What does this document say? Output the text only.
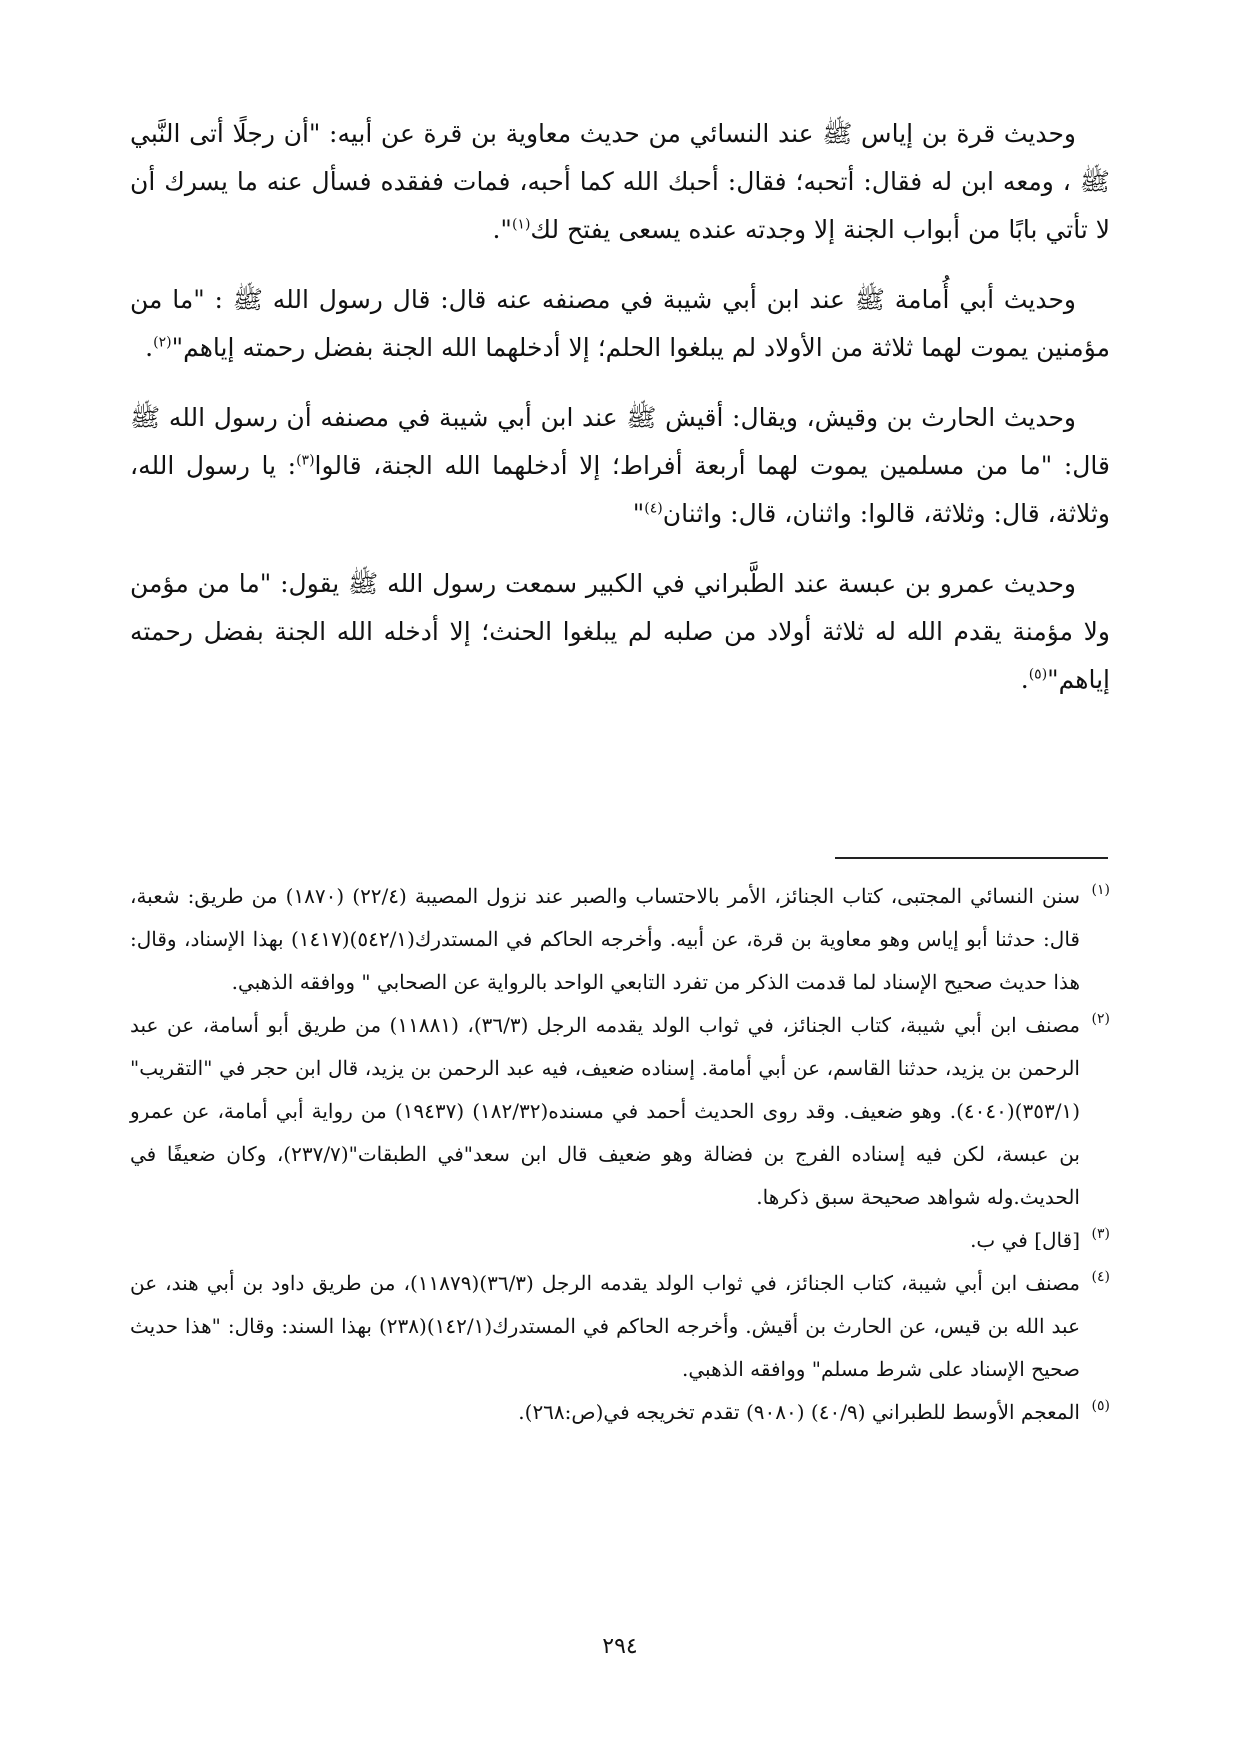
وحديث قرة بن إياس ﷺ عند النسائي من حديث معاوية بن قرة عن أبيه: "أن رجلًا أتى النَّبي ﷺ ، ومعه ابن له فقال: أتحبه؛ فقال: أحبك الله كما أحبه، فمات ففقده فسأل عنه ما يسرك أن لا تأتي بابًا من أبواب الجنة إلا وجدته عنده يسعى يفتح لك$^{(١)}$".

وحديث أبي أُمامة ﷺ عند ابن أبي شيبة في مصنفه عنه قال: قال رسول الله ﷺ : "ما من مؤمنين يموت لهما ثلاثة من الأولاد لم يبلغوا الحلم؛ إلا أدخلهما الله الجنة بفضل رحمته إياهم"$^{(٢)}$.

وحديث الحارث بن وقيش، ويقال: أقيش ﷺ عند ابن أبي شيبة في مصنفه أن رسول الله ﷺ قال: "ما من مسلمين يموت لهما أربعة أفراط؛ إلا أدخلهما الله الجنة، قالوا$^{(٣)}$: يا رسول الله، وثلاثة، قال: وثلاثة، قالوا: واثنان، قال: واثنان$^{(٤)}$"

وحديث عمرو بن عبسة عند الطَّبراني في الكبير سمعت رسول الله ﷺ يقول: "ما من مؤمن ولا مؤمنة يقدم الله له ثلاثة أولاد من صلبه لم يبلغوا الحنث؛ إلا أدخله الله الجنة بفضل رحمته إياهم"$^{(٥)}$.

(١)
سنن النسائي المجتبى، كتاب الجنائز، الأمر بالاحتساب والصبر عند نزول المصيبة (٢٢/٤) (١٨٧٠) من طريق: شعبة، قال: حدثنا أبو إياس وهو معاوية بن قرة، عن أبيه. وأخرجه الحاكم في المستدرك(٥٤٢/١)(١٤١٧) بهذا الإسناد، وقال: هذا حديث صحيح الإسناد لما قدمت الذكر من تفرد التابعي الواحد بالرواية عن الصحابي " ووافقه الذهبي.

(٢)
مصنف ابن أبي شيبة، كتاب الجنائز، في ثواب الولد يقدمه الرجل (٣٦/٣)، (١١٨٨١) من طريق أبو أسامة، عن عبد الرحمن بن يزيد، حدثنا القاسم، عن أبي أمامة. إسناده ضعيف، فيه عبد الرحمن بن يزيد، قال ابن حجر في "التقريب"(٣٥٣/١)(٤٠٤٠). وهو ضعيف. وقد روى الحديث أحمد في مسنده(١٨٢/٣٢) (١٩٤٣٧) من رواية أبي أمامة، عن عمرو بن عبسة، لكن فيه إسناده الفرج بن فضالة وهو ضعيف قال ابن سعد"في الطبقات"(٢٣٧/٧)، وكان ضعيفًا في الحديث.وله شواهد صحيحة سبق ذكرها.

(٣)
[قال] في ب.

(٤)
مصنف ابن أبي شيبة، كتاب الجنائز، في ثواب الولد يقدمه الرجل (٣٦/٣)(١١٨٧٩)، من طريق داود بن أبي هند، عن عبد الله بن قيس، عن الحارث بن أقيش. وأخرجه الحاكم في المستدرك(١٤٢/١)(٢٣٨) بهذا السند: وقال: "هذا حديث صحيح الإسناد على شرط مسلم" ووافقه الذهبي.

(٥)
المعجم الأوسط للطبراني (٤٠/٩) (٩٠٨٠) تقدم تخريجه في(ص:٢٦٨).

٢٩٤
